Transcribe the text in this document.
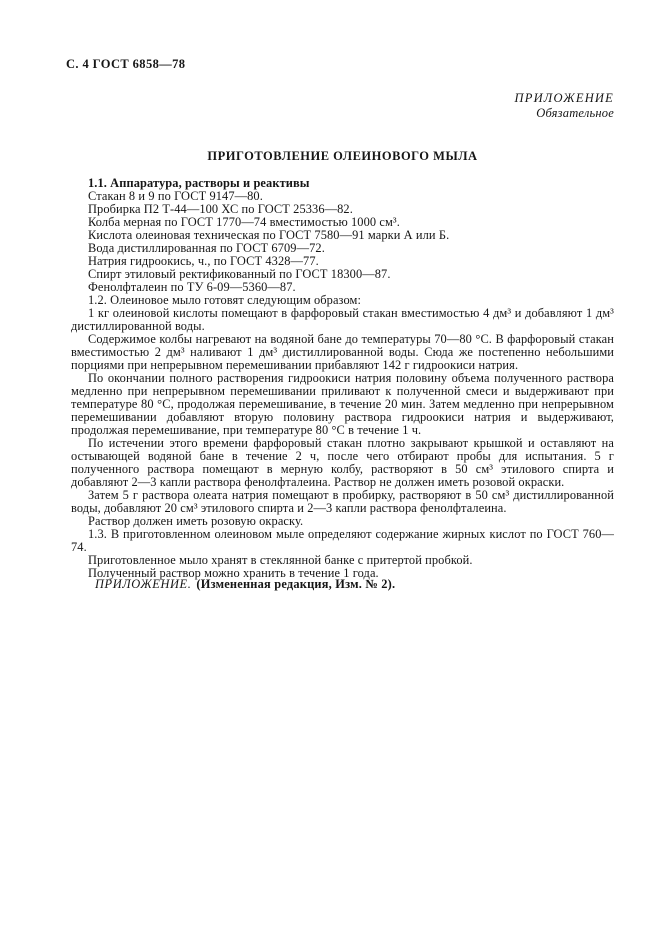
С. 4 ГОСТ 6858—78
ПРИЛОЖЕНИЕ
Обязательное
ПРИГОТОВЛЕНИЕ ОЛЕИНОВОГО МЫЛА

1.1. Аппаратура, растворы и реактивы

Стакан 8 и 9 по ГОСТ 9147—80.

Пробирка П2 Т-44—100 ХС по ГОСТ 25336—82.

Колба мерная по ГОСТ 1770—74 вместимостью 1000 см³.

Кислота олеиновая техническая по ГОСТ 7580—91 марки А или Б.

Вода дистиллированная по ГОСТ 6709—72.

Натрия гидроокись, ч., по ГОСТ 4328—77.

Спирт этиловый ректификованный по ГОСТ 18300—87.

Фенолфталеин по ТУ 6-09—5360—87.

1.2. Олеиновое мыло готовят следующим образом:

1 кг олеиновой кислоты помещают в фарфоровый стакан вместимостью 4 дм³ и добавляют 1 дм³ дистиллированной воды.

Содержимое колбы нагревают на водяной бане до температуры 70—80 °С. В фарфоровый стакан вместимостью 2 дм³ наливают 1 дм³ дистиллированной воды. Сюда же постепенно небольшими порциями при непрерывном перемешивании прибавляют 142 г гидроокиси натрия.

По окончании полного растворения гидроокиси натрия половину объема полученного раствора медленно при непрерывном перемешивании приливают к полученной смеси и выдерживают при температуре 80 °С, продолжая перемешивание, в течение 20 мин. Затем медленно при непрерывном перемешивании добавляют вторую половину раствора гидроокиси натрия и выдерживают, продолжая перемешивание, при температуре 80 °С в течение 1 ч.

По истечении этого времени фарфоровый стакан плотно закрывают крышкой и оставляют на остывающей водяной бане в течение 2 ч, после чего отбирают пробы для испытания. 5 г полученного раствора помещают в мерную колбу, растворяют в 50 см³ этилового спирта и добавляют 2—3 капли раствора фенолфталеина. Раствор не должен иметь розовой окраски.

Затем 5 г раствора олеата натрия помещают в пробирку, растворяют в 50 см³ дистиллированной воды, добавляют 20 см³ этилового спирта и 2—3 капли раствора фенолфталеина.

Раствор должен иметь розовую окраску.

1.3. В приготовленном олеиновом мыле определяют содержание жирных кислот по ГОСТ 760—74.

Приготовленное мыло хранят в стеклянной банке с притертой пробкой.

Полученный раствор можно хранить в течение 1 года.

ПРИЛОЖЕНИЕ. (Измененная редакция, Изм. № 2).
